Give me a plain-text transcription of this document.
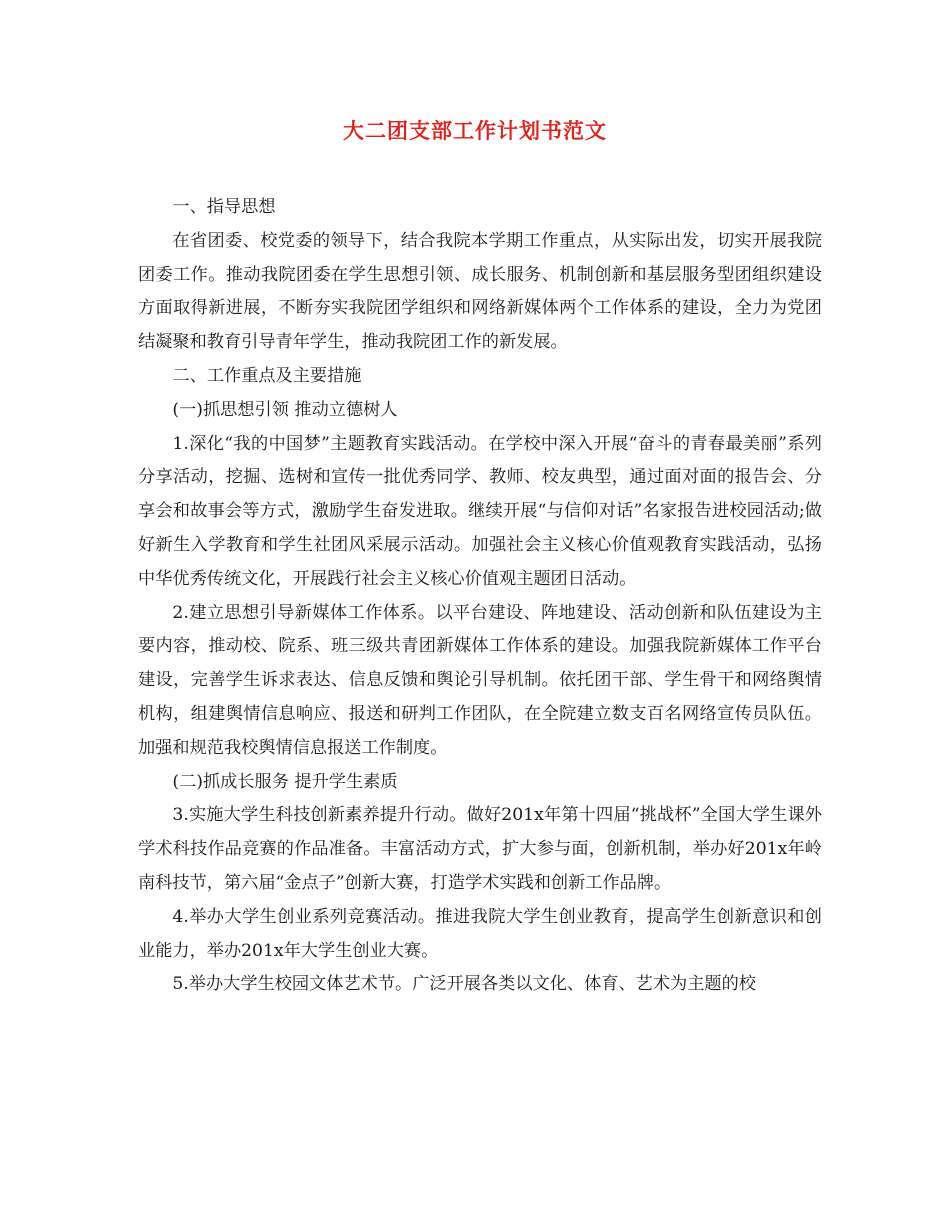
大二团支部工作计划书范文

一、指导思想

在省团委、校党委的领导下，结合我院本学期工作重点，从实际出发，切实开展我院团委工作。推动我院团委在学生思想引领、成长服务、机制创新和基层服务型团组织建设方面取得新进展，不断夯实我院团学组织和网络新媒体两个工作体系的建设，全力为党团结凝聚和教育引导青年学生，推动我院团工作的新发展。

二、工作重点及主要措施

(一)抓思想引领 推动立德树人

1.深化“我的中国梦”主题教育实践活动。在学校中深入开展“奋斗的青春最美丽”系列分享活动，挖掘、选树和宣传一批优秀同学、教师、校友典型，通过面对面的报告会、分享会和故事会等方式，激励学生奋发进取。继续开展“与信仰对话”名家报告进校园活动;做好新生入学教育和学生社团风采展示活动。加强社会主义核心价值观教育实践活动，弘扬中华优秀传统文化，开展践行社会主义核心价值观主题团日活动。

2.建立思想引导新媒体工作体系。以平台建设、阵地建设、活动创新和队伍建设为主要内容，推动校、院系、班三级共青团新媒体工作体系的建设。加强我院新媒体工作平台建设，完善学生诉求表达、信息反馈和舆论引导机制。依托团干部、学生骨干和网络舆情机构，组建舆情信息响应、报送和研判工作团队，在全院建立数支百名网络宣传员队伍。加强和规范我校舆情信息报送工作制度。

(二)抓成长服务 提升学生素质

3.实施大学生科技创新素养提升行动。做好201x年第十四届“挑战杯”全国大学生课外学术科技作品竞赛的作品准备。丰富活动方式，扩大参与面，创新机制，举办好201x年岭南科技节，第六届“金点子”创新大赛，打造学术实践和创新工作品牌。

4.举办大学生创业系列竞赛活动。推进我院大学生创业教育，提高学生创新意识和创业能力，举办201x年大学生创业大赛。

5.举办大学生校园文体艺术节。广泛开展各类以文化、体育、艺术为主题的校
